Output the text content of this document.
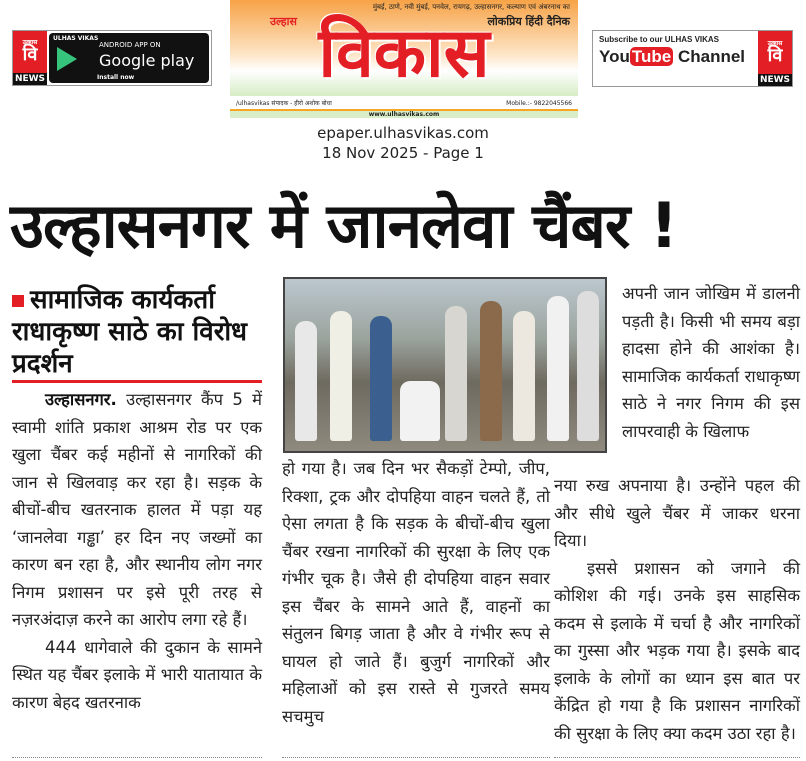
उल्हास
वि
NEWS
ULHAS VIKAS
ANDROID APP ON
Google play
Install now
मुंबई, ठाणे, नवी मुंबई, पनवेल, रायगढ़, उल्हासनगर, कल्याण एवं अंबरनाथ का
लोकप्रिय हिंदी दैनिक
विकास
उल्हास
/ulhasvikas संपादक - हीरो अशोक बोधा	Mobile.:- 9822045566
www.ulhasvikas.com
Subscribe to our ULHAS VIKAS
You Tube Channel
उल्हास
वि
NEWS
epaper.ulhasvikas.com
18 Nov 2025 - Page 1
उल्हासनगर में जानलेवा चैंबर !
सामाजिक कार्यकर्ता राधाकृष्ण साठे का विरोध प्रदर्शन

उल्हासनगर. उल्हासनगर कैंप 5 में स्वामी शांति प्रकाश आश्रम रोड पर एक खुला चैंबर कई महीनों से नागरिकों की जान से खिलवाड़ कर रहा है। सड़क के बीचों-बीच खतरनाक हालत में पड़ा यह ‘जानलेवा गड्ढा’ हर दिन नए जख्मों का कारण बन रहा है, और स्थानीय लोग नगर निगम प्रशासन पर इसे पूरी तरह से नज़रअंदाज़ करने का आरोप लगा रहे हैं।

444 धागेवाले की दुकान के सामने स्थित यह चैंबर इलाके में भारी यातायात के कारण बेहद खतरनाक

हो गया है। जब दिन भर सैकड़ों टेम्पो, जीप, रिक्शा, ट्रक और दोपहिया वाहन चलते हैं, तो ऐसा लगता है कि सड़क के बीचों-बीच खुला चैंबर रखना नागरिकों की सुरक्षा के लिए एक गंभीर चूक है। जैसे ही दोपहिया वाहन सवार इस चैंबर के सामने आते हैं, वाहनों का संतुलन बिगड़ जाता है और वे गंभीर रूप से घायल हो जाते हैं। बुजुर्ग नागरिकों और महिलाओं को इस रास्ते से गुजरते समय सचमुच
अपनी जान जोखिम में डालनी पड़ती है। किसी भी समय बड़ा हादसा होने की आशंका है। सामाजिक कार्यकर्ता राधाकृष्ण साठे ने नगर निगम की इस लापरवाही के खिलाफ
नया रुख अपनाया है। उन्होंने पहल की और सीधे खुले चैंबर में जाकर धरना दिया।

इससे प्रशासन को जगाने की कोशिश की गई। उनके इस साहसिक कदम से इलाके में चर्चा है और नागरिकों का गुस्सा और भड़क गया है। इसके बाद इलाके के लोगों का ध्यान इस बात पर केंद्रित हो गया है कि प्रशासन नागरिकों की सुरक्षा के लिए क्या कदम उठा रहा है।
